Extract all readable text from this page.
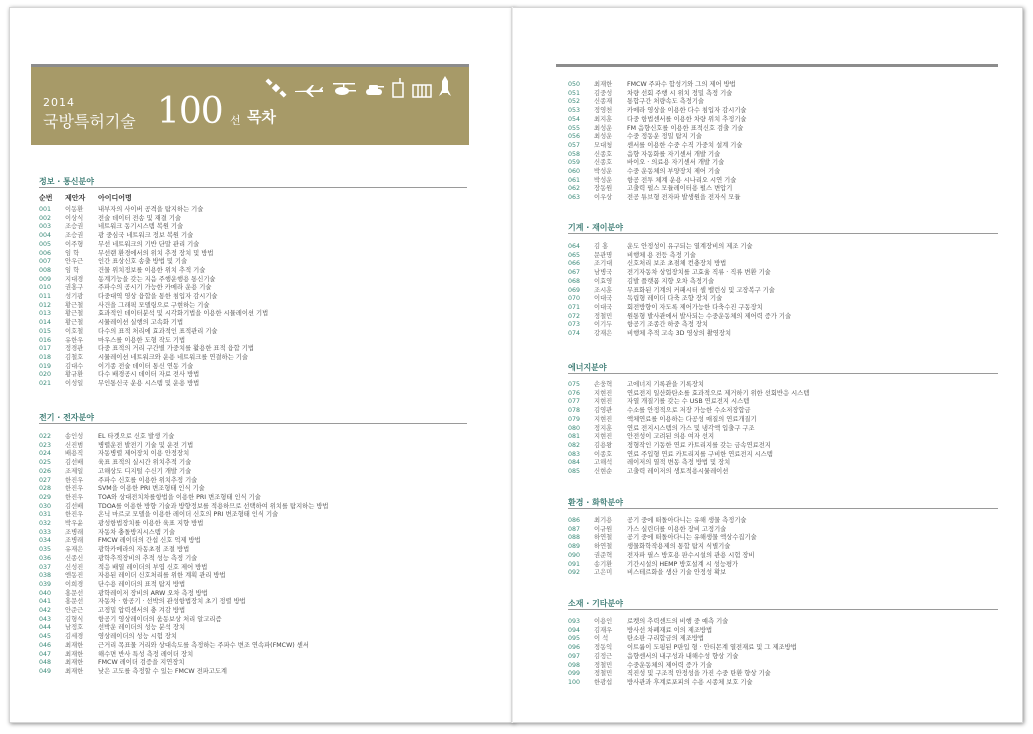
2014
국방특허기술 100 선 목차
정보 · 통신분야
순번 제안자 아이디어명
001 이동환 내부자의 사이버 공격을 탐지하는 기술
002 이상식 전술 데이터 전송 및 재결 기술
003 조승권 네트워크 동기시스템 복원 기술
004 조승권 광 중심국 네트워크 정보 복원 기술
005 이주형 무선 네트워크의 기반 단말 관리 기술
006 임 학	무선랜 환경에서의 위치 추정 장치 및 방법
007 안우근 인간 표상신호 송출 방법 및 기술
008 임 학	건물 위치정보를 이용한 위치 추적 기술
009 지대경 동계기능을 갖는 지음 주행운행용 통신기술
010 권홍구 주파수의 공시기 가능한 카메라 운용 기술
011 성기광 다중대역 영상 융합을 통한 침입자 감시기술
012 황근철 사건을 그래픽 모델링으로 구현하는 기술
013 황근철 효과적인 데이터분석 및 시각화기법을 이용한 시뮬레이션 기법
014 황근철 시뮬레이션 실행의 고속화 기법
015 이호철 다수의 표적 처리에 효과적인 표적관리 기술
016 유한우 마우스를 이용한 도형 작도 기법
017 정경관 다중 표적의 거리 구간별 가중치를 활용한 표적 융합 기법
018 김철호 시뮬레이션 네트워크와 운용 네트워크를 연결하는 기술
019 김대수 이기종 전술 데이터 통신 연동 기술
020 황규환 다수 배경공시 데이터 자료 전사 방법
021 이성일 무인통신국 운용 시스템 및 운용 방법
전기 · 전자분야
022 송인성 EL 타겟으로 신호 발생 기술
023 신진범 병렬운전 발전기 기술 및 운전 기법
024 배용직 자동병렬 제어장치 이용 안정장치
025 김선배 육표 표적의 실시간 위치추적 기술
026 조제일 고해상도 디지털 수신기 개발 기술
027 한진우 주파수 신호를 이용한 위치추정 기술
028 한진우 SVM을 이용한 PRI 변조형태 인식 기술
029 한진우 TOA와 상대전치차를항법을 이용한 PRI 변조형태 인식 기술
030 김선배 TDOA를 이용한 방향 기술과 방향정보를 적용하므로 선택하여 위치를 탐지하는 방법
031 한진우 온닉 마르코 모델을 이용한 레이더 신호의 PRI 변조형태 인식 기술
032 박우윤 광성항법장치를 이용한 육표 지향 방법
033 조병래 자동차 충돌방지시스템 기술
034 조병래 FMCW 레이더의 간섭 신호 억제 방법
035 유재은 광학카메라의 자동초점 조절 방법
036 신종신 광학추적장비의 추적 성능 측정 기술
037 신성진 적응 배열 레이더의 부엽 신호 제어 방법
038 엔동진 자용된 레이더 신호처리를 위한 계획 관리 방법
039 이희경 단수용 레이더의 표적 탐지 방법
040 홍문선 광학레이저 장비의 ARW 오차 측정 방법
041 홍문선 자동차 · 항공기 · 선박의 관성항법장치 초기 정렬 방법
042 안준근 고정밀 압력센서의 충 겨감 방법
043 김형식 항공기 영상레이더의 움동보상 처리 알고리즘
044 남정호 선박운 레이더의 성능 분석 장치
045 김세경 영상레이더의 성능 시험 장치
046 최재한 근거리 목표물 거리와 상대속도를 측정하는 주파수 변조 연속파(FMCW) 센서
047 최재한 해수면 반사 특성 측정 레이더 장치
048 최재한 FMCW 레이더 검증을 지연장치
049 최재한 낮은 고도를 측정할 수 있는 FMCW 전파고도계
050 최재한 FMCW 주파수 합성기와 그의 제어 방법
051 김중성 차량 선회 주행 시 위치 정밀 측정 기술
052 신종재 통합구간 처량속도 측정기술
053 정영천 카메라 영상을 이용한 다수 침입자 감시기술
054 최지훈 다중 항법센서를 이용한 차량 위치 추정기술
055 최성운 FM 음향신호를 이용한 표적신호 검출 기술
056 최성운 수중 정동운 정밀 탐지 기술
057 모대청 센서를 이용한 수중 수직 가중치 설계 기술
058 신종호 음향 자동화를 자기센서 개발 기술
059 신종호 바이오 · 의료용 자기센서 개발 기술
060 박성운 수중 운동체의 부양장치 제어 기술
061 박성운 항공 전투 체계 운용 시나리오 시연 기술
062 장동원 고출력 펄스 모듈레이터용 펄스 변압기
063 이우상 전공 튜브형 전자파 발생원을 전자식 모듈
기계 · 재이분야
064 김 홍	운도 안정성이 유구되는 열계장비의 제조 기술
065 문관명 비행체 용 전등 측정 기술
066 조기대 신호처리 보조 초점체 컨충장치 방법
067 남병국 전기자동차 상업장치를 고효율 직류 · 직류 변환 기술
068 이효영 김발 플랫폼 지향 오차 측정기술
069 조시훈 무표화된 기계의 커패시터 셀 밸런싱 및 고장복구 기술
070 이대국 독립형 레이더 다축 조향 장치 기술
071 이대국 회전방향이 자도록 제어가능한 다축수진 구동장치
072 정철민 원통형 발사관에서 발사되는 수중운동체의 제어력 증가 기술
073 이기두 항공기 조종간 하중 측정 장치
074 강재은 비행체 추적 고속 3D 영상의 촬영장치
에너지분야
075 손웅혁 고에너지 기록관을 기록장치
076 지현진 연료전지 일산화탄소를 효과적으로 제거하기 위한 선회반응 시스템
077 지현진 자열 개질기를 갖는 수 USB 연료전지 시스템
078 김영관 수소를 안정적으로 저장 가능한 수소저장합금
079 지현진 액체연료를 이용하는 다공성 매질의 연료개질기
080 정지훈 연료 전지시스템의 가스 및 냉각액 입출구 구조
081 지현진 안전성이 고려된 의용 여자 선지
082 김용왕 정형작인 기동한 연료 카트리지를 갖는 금속연료전지
083 이종호 연료 주입형 연료 카트리지를 구비한 연료전지 시스템
084 고해석 레이저의 열적 변동 측정 방법 및 장치
085 신현순 고출력 레이저의 생토적용시뮬레이션
환경 · 화학분야
086 최기용 공기 중에 떠돌아다니는 유해 생물 측정기술
087 이규원 가스 실린더를 이용한 장비 고정기술
088 하연철 공기 중에 떠돌아다니는 유해생물 액상수집기술
089 하연철 생물화학작용제의 통합 탐지 식별기술
090 권준혁 전자파 필스 방호용 판수시설의 관용 시험 장비
091 송기환 기간시설의 HEMP 방호설계 시 성능평가
092 고은미 비스테르화을 생산 기술 안정성 확보
소재 · 기타분야
093 이용인 로켓의 추력센드의 비행 중 예측 기술
094 김재우 방사선 차폐재료 이의 제조방법
095 이 석	탄소판 구리합금의 제조방법
096 정동익 이트륨이 도핑된 P판입 형 · 안티몬계 열전재료 및 그 제조방법
097 김정근 음향센서의 내구성과 내해수성 향상 기술
098 정철민 수중운동체의 제어력 증가 기술
099 정철민 직진성 및 구조적 안정성을 가진 수중 탄환 향상 기술
100 한광섭 방사관과 후계로포피의 수용 시종체 보호 기술
